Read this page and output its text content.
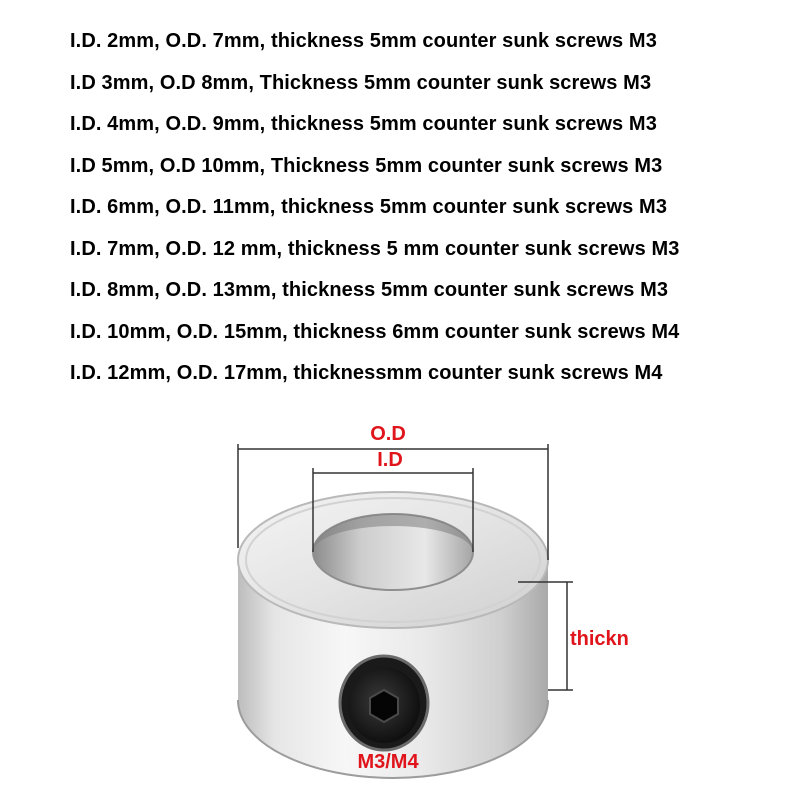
I.D. 2mm, O.D. 7mm, thickness 5mm counter sunk screws M3
I.D 3mm, O.D 8mm, Thickness 5mm counter sunk screws M3
I.D. 4mm, O.D. 9mm, thickness 5mm counter sunk screws M3
I.D 5mm, O.D 10mm, Thickness 5mm counter sunk screws M3
I.D. 6mm, O.D. 11mm, thickness 5mm counter sunk screws M3
I.D. 7mm, O.D. 12 mm, thickness 5 mm counter sunk screws M3
I.D. 8mm, O.D. 13mm, thickness 5mm counter sunk screws M3
I.D. 10mm, O.D. 15mm, thickness 6mm counter sunk screws M4
I.D. 12mm, O.D. 17mm, thicknessmm counter sunk screws M4
O.D
I.D
thickn
M3/M4
